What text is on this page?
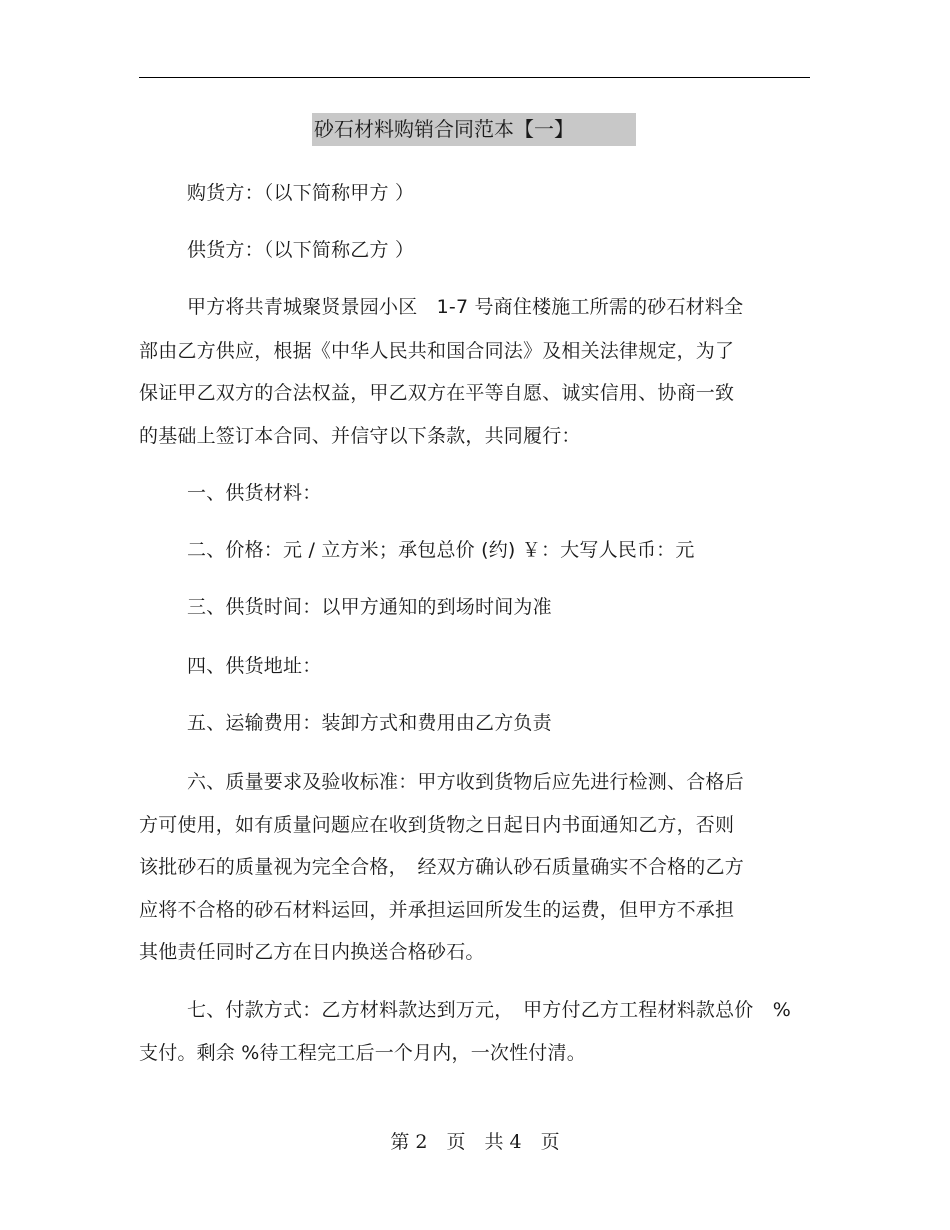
砂石材料购销合同范本【一】
购货方：（以下简称甲方 ）
供货方：（以下简称乙方 ）
甲方将共青城聚贤景园小区　1-7 号商住楼施工所需的砂石材料全
部由乙方供应，根据《中华人民共和国合同法》及相关法律规定，为了
保证甲乙双方的合法权益，甲乙双方在平等自愿、诚实信用、协商一致
的基础上签订本合同、并信守以下条款，共同履行：
一、供货材料：
二、价格：元 / 立方米；承包总价 (约) ￥：大写人民币：元
三、供货时间：以甲方通知的到场时间为准
四、供货地址：
五、运输费用：装卸方式和费用由乙方负责
六、质量要求及验收标准：甲方收到货物后应先进行检测、合格后
方可使用，如有质量问题应在收到货物之日起日内书面通知乙方，否则
该批砂石的质量视为完全合格，　经双方确认砂石质量确实不合格的乙方
应将不合格的砂石材料运回，并承担运回所发生的运费，但甲方不承担
其他责任同时乙方在日内换送合格砂石。
七、付款方式：乙方材料款达到万元，　甲方付乙方工程材料款总价　%
支付。剩余 %待工程完工后一个月内，一次性付清。
第 2　页　共 4　页
